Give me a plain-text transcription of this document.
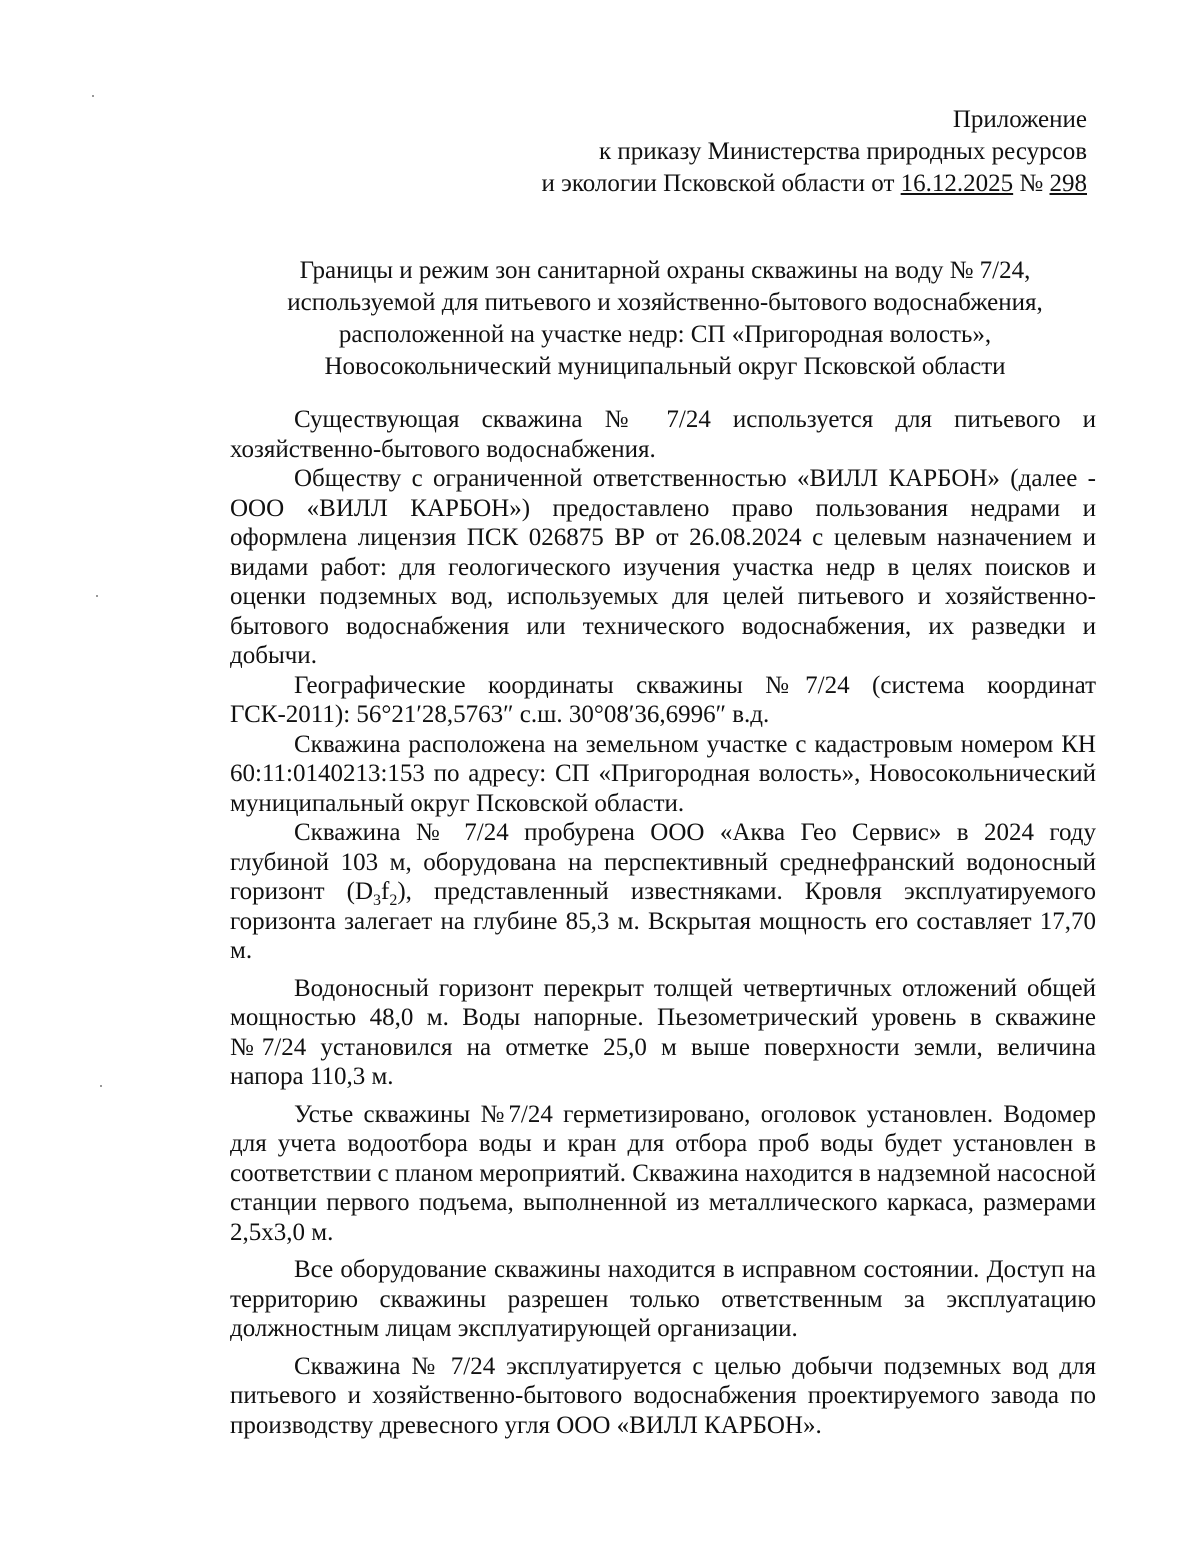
Приложение
к приказу Министерства природных ресурсов
и экологии Псковской области от 16.12.2025 № 298
Границы и режим зон санитарной охраны скважины на воду № 7/24,
используемой для питьевого и хозяйственно-бытового водоснабжения,
расположенной на участке недр: СП «Пригородная волость»,
Новосокольнический муниципальный округ Псковской области

Существующая скважина № 7/24 используется для питьевого и хозяйственно-бытового водоснабжения.

Обществу с ограниченной ответственностью «ВИЛЛ КАРБОН» (далее - ООО «ВИЛЛ КАРБОН») предоставлено право пользования недрами и оформлена лицензия ПСК 026875 ВР от 26.08.2024 с целевым назначением и видами работ: для геологического изучения участка недр в целях поисков и оценки подземных вод, используемых для целей питьевого и хозяйственно-бытового водоснабжения или технического водоснабжения, их разведки и добычи.

Географические координаты скважины №7/24 (система координат ГСК-2011): 56°21′28,5763″ с.ш. 30°08′36,6996″ в.д.

Скважина расположена на земельном участке с кадастровым номером КН 60:11:0140213:153 по адресу: СП «Пригородная волость», Новосокольнический муниципальный округ Псковской области.

Скважина № 7/24 пробурена ООО «Аква Гео Сервис» в 2024 году глубиной 103 м, оборудована на перспективный среднефранский водоносный горизонт $(D_3f_2)$, представленный известняками. Кровля эксплуатируемого горизонта залегает на глубине 85,3 м. Вскрытая мощность его составляет 17,70 м.

Водоносный горизонт перекрыт толщей четвертичных отложений общей мощностью 48,0 м. Воды напорные. Пьезометрический уровень в скважине №7/24 установился на отметке 25,0 м выше поверхности земли, величина напора 110,3 м.

Устье скважины №7/24 герметизировано, оголовок установлен. Водомер для учета водоотбора воды и кран для отбора проб воды будет установлен в соответствии с планом мероприятий. Скважина находится в надземной насосной станции первого подъема, выполненной из металлического каркаса, размерами 2,5х3,0 м.

Все оборудование скважины находится в исправном состоянии. Доступ на территорию скважины разрешен только ответственным за эксплуатацию должностным лицам эксплуатирующей организации.

Скважина № 7/24 эксплуатируется с целью добычи подземных вод для питьевого и хозяйственно-бытового водоснабжения проектируемого завода по производству древесного угля ООО «ВИЛЛ КАРБОН».
